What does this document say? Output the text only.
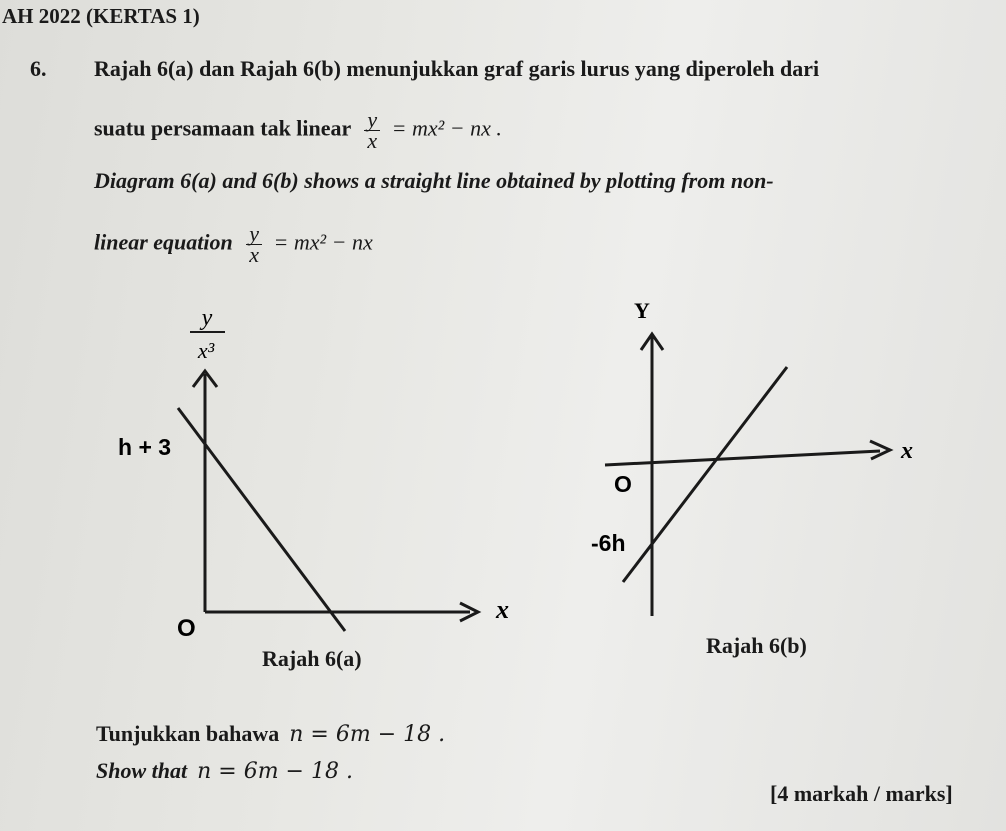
AH 2022 (KERTAS 1)
6. Rajah 6(a) dan Rajah 6(b) menunjukkan graf garis lurus yang diperoleh dari
suatu persamaan tak linear $\frac{y}{x} = mx^2$ − nx .
Diagram 6(a) and 6(b) shows a straight line obtained by plotting from non-
linear equation $\frac{y}{x} = mx^2$ − nx
y
x³
h + 3
O
x
Y
x
O
-6h
Rajah 6(a)
Rajah 6(b)
Tunjukkan bahawa n = 6m − 18 .
Show that n = 6m − 18 .
[4 markah / marks]
